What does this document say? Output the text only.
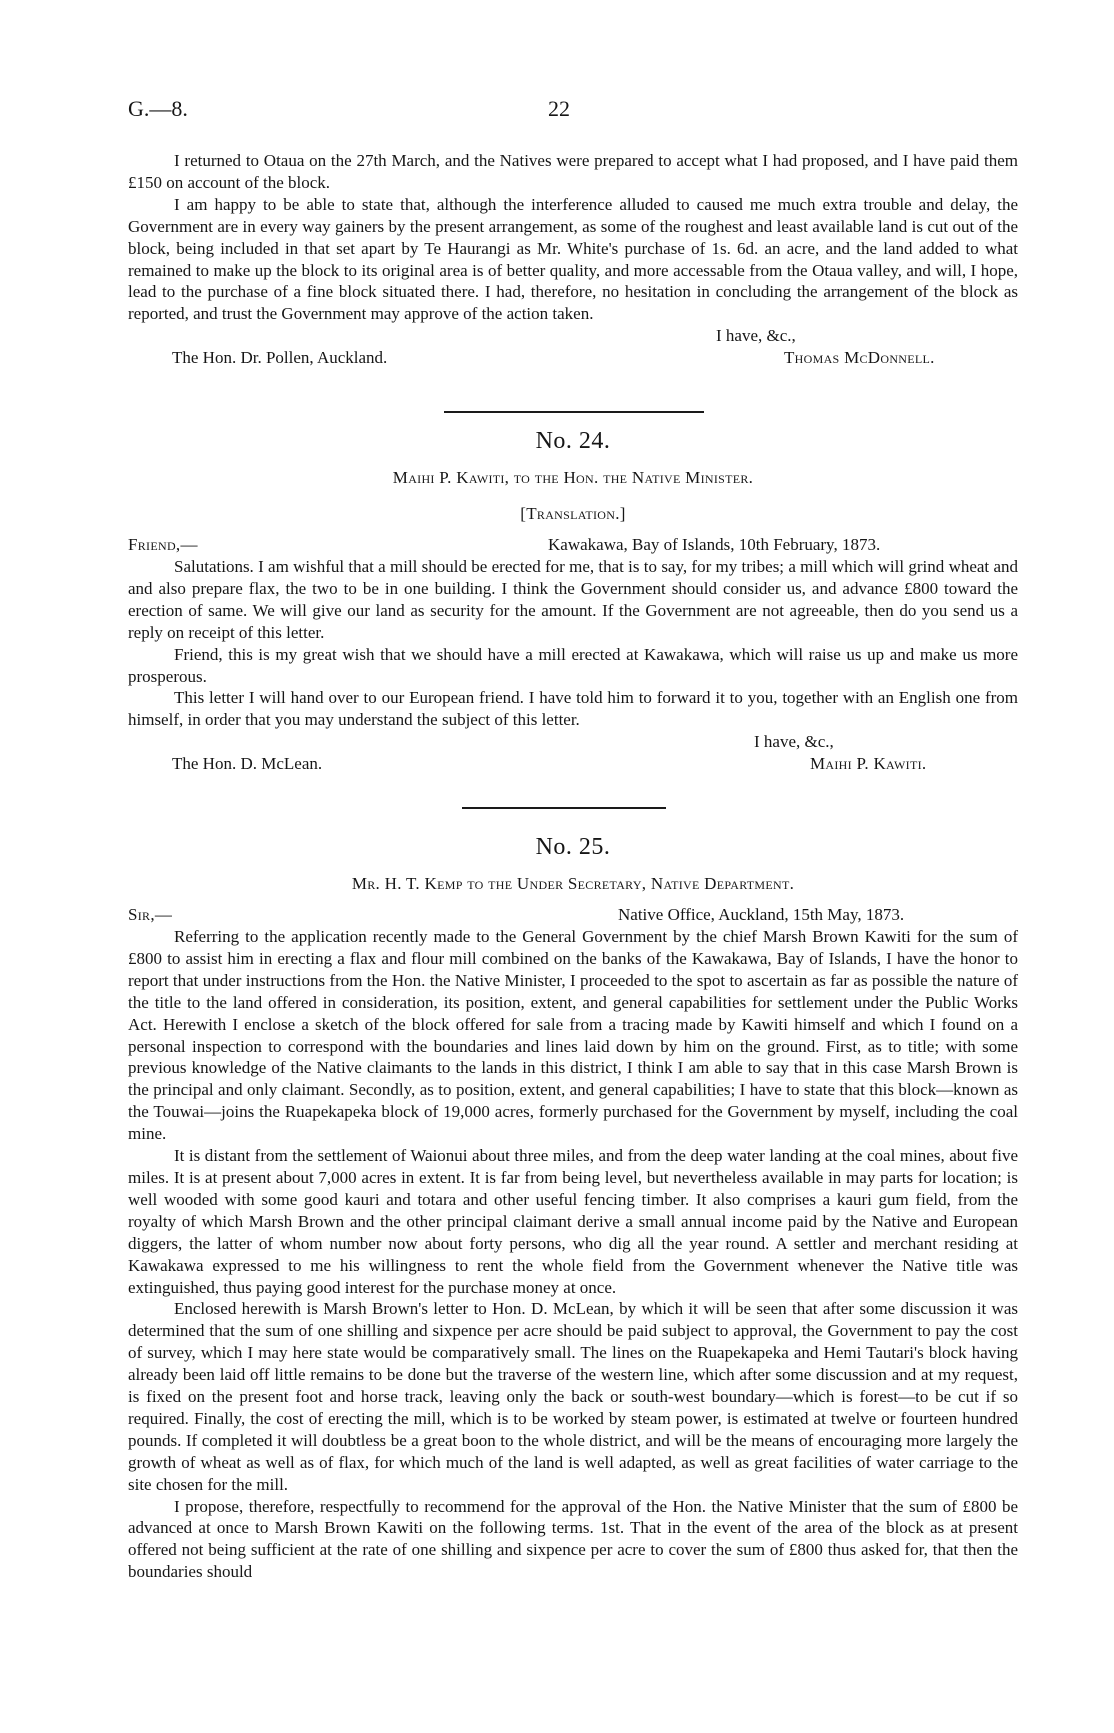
G.—8.	22

I returned to Otaua on the 27th March, and the Natives were prepared to accept what I had proposed, and I have paid them £150 on account of the block.

I am happy to be able to state that, although the interference alluded to caused me much extra trouble and delay, the Government are in every way gainers by the present arrangement, as some of the roughest and least available land is cut out of the block, being included in that set apart by Te Haurangi as Mr. White's purchase of 1s. 6d. an acre, and the land added to what remained to make up the block to its original area is of better quality, and more accessable from the Otaua valley, and will, I hope, lead to the purchase of a fine block situated there. I had, therefore, no hesitation in concluding the arrangement of the block as reported, and trust the Government may approve of the action taken.

I have, &c.,
The Hon. Dr. Pollen, Auckland.	Thomas McDonnell.
No. 24.
Maihi P. Kawiti, to the Hon. the Native Minister.
[Translation.]
Friend,—	Kawakawa, Bay of Islands, 10th February, 1873.

Salutations. I am wishful that a mill should be erected for me, that is to say, for my tribes; a mill which will grind wheat and and also prepare flax, the two to be in one building. I think the Government should consider us, and advance £800 toward the erection of same. We will give our land as security for the amount. If the Government are not agreeable, then do you send us a reply on receipt of this letter.

Friend, this is my great wish that we should have a mill erected at Kawakawa, which will raise us up and make us more prosperous.

This letter I will hand over to our European friend. I have told him to forward it to you, together with an English one from himself, in order that you may understand the subject of this letter.

I have, &c.,
The Hon. D. McLean.	Maihi P. Kawiti.
No. 25.
Mr. H. T. Kemp to the Under Secretary, Native Department.
Sir,—	Native Office, Auckland, 15th May, 1873.

Referring to the application recently made to the General Government by the chief Marsh Brown Kawiti for the sum of £800 to assist him in erecting a flax and flour mill combined on the banks of the Kawakawa, Bay of Islands, I have the honor to report that under instructions from the Hon. the Native Minister, I proceeded to the spot to ascertain as far as possible the nature of the title to the land offered in consideration, its position, extent, and general capabilities for settlement under the Public Works Act. Herewith I enclose a sketch of the block offered for sale from a tracing made by Kawiti himself and which I found on a personal inspection to correspond with the boundaries and lines laid down by him on the ground. First, as to title; with some previous knowledge of the Native claimants to the lands in this district, I think I am able to say that in this case Marsh Brown is the principal and only claimant. Secondly, as to position, extent, and general capabilities; I have to state that this block—known as the Touwai—joins the Ruapekapeka block of 19,000 acres, formerly purchased for the Government by myself, including the coal mine.

It is distant from the settlement of Waionui about three miles, and from the deep water landing at the coal mines, about five miles. It is at present about 7,000 acres in extent. It is far from being level, but nevertheless available in may parts for location; is well wooded with some good kauri and totara and other useful fencing timber. It also comprises a kauri gum field, from the royalty of which Marsh Brown and the other principal claimant derive a small annual income paid by the Native and European diggers, the latter of whom number now about forty persons, who dig all the year round. A settler and merchant residing at Kawakawa expressed to me his willingness to rent the whole field from the Government whenever the Native title was extinguished, thus paying good interest for the purchase money at once.

Enclosed herewith is Marsh Brown's letter to Hon. D. McLean, by which it will be seen that after some discussion it was determined that the sum of one shilling and sixpence per acre should be paid subject to approval, the Government to pay the cost of survey, which I may here state would be comparatively small. The lines on the Ruapekapeka and Hemi Tautari's block having already been laid off little remains to be done but the traverse of the western line, which after some discussion and at my request, is fixed on the present foot and horse track, leaving only the back or south-west boundary—which is forest—to be cut if so required. Finally, the cost of erecting the mill, which is to be worked by steam power, is estimated at twelve or fourteen hundred pounds. If completed it will doubtless be a great boon to the whole district, and will be the means of encouraging more largely the growth of wheat as well as of flax, for which much of the land is well adapted, as well as great facilities of water carriage to the site chosen for the mill.

I propose, therefore, respectfully to recommend for the approval of the Hon. the Native Minister that the sum of £800 be advanced at once to Marsh Brown Kawiti on the following terms. 1st. That in the event of the area of the block as at present offered not being sufficient at the rate of one shilling and sixpence per acre to cover the sum of £800 thus asked for, that then the boundaries should
